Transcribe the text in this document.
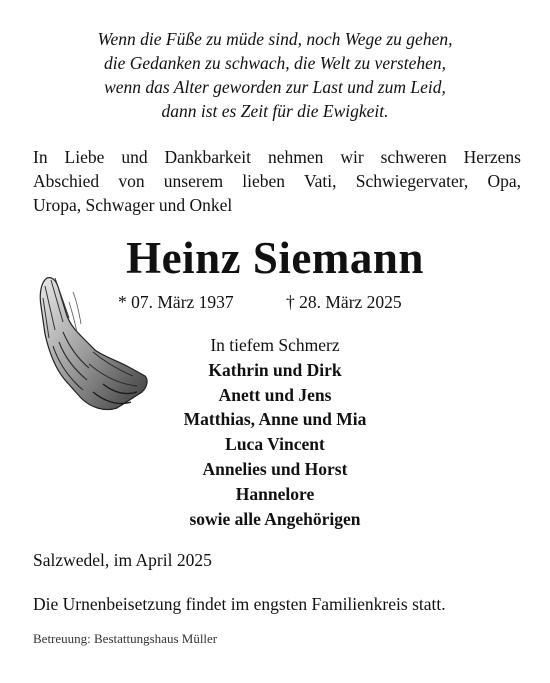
Wenn die Füße zu müde sind, noch Wege zu gehen,
die Gedanken zu schwach, die Welt zu verstehen,
wenn das Alter geworden zur Last und zum Leid,
dann ist es Zeit für die Ewigkeit.
In Liebe und Dankbarkeit nehmen wir schweren Herzens
Abschied von unserem lieben Vati, Schwiegervater, Opa,
Uropa, Schwager und Onkel
Heinz Siemann
* 07. März 1937	† 28. März 2025
In tiefem Schmerz
Kathrin und Dirk
Anett und Jens
Matthias, Anne und Mia
Luca Vincent
Annelies und Horst
Hannelore
sowie alle Angehörigen
Salzwedel, im April 2025
Die Urnenbeisetzung findet im engsten Familienkreis statt.
Betreuung: Bestattungshaus Müller
